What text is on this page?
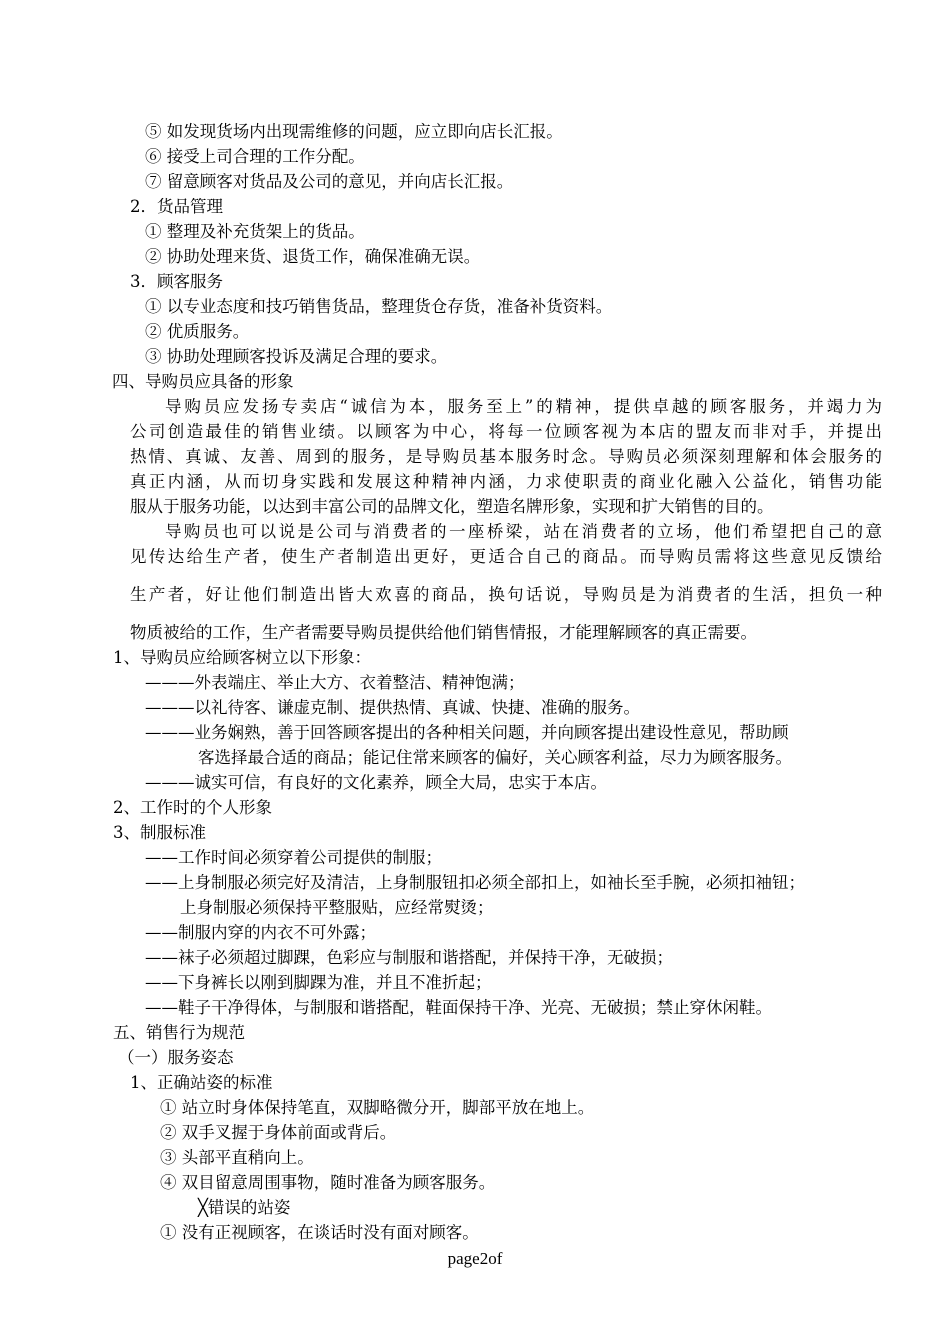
⑤ 如发现货场内出现需维修的问题，应立即向店长汇报。
⑥ 接受上司合理的工作分配。
⑦ 留意顾客对货品及公司的意见，并向店长汇报。
2．货品管理
① 整理及补充货架上的货品。
② 协助处理来货、退货工作，确保准确无误。
3．顾客服务
① 以专业态度和技巧销售货品，整理货仓存货，准备补货资料。
② 优质服务。
③ 协助处理顾客投诉及满足合理的要求。
四、导购员应具备的形象
导购员应发扬专卖店“诚信为本，服务至上”的精神，提供卓越的顾客服务，并竭力为
公司创造最佳的销售业绩。以顾客为中心，将每一位顾客视为本店的盟友而非对手，并提出
热情、真诚、友善、周到的服务，是导购员基本服务时念。导购员必须深刻理解和体会服务的
真正内涵，从而切身实践和发展这种精神内涵，力求使职责的商业化融入公益化，销售功能
服从于服务功能，以达到丰富公司的品牌文化，塑造名牌形象，实现和扩大销售的目的。
导购员也可以说是公司与消费者的一座桥梁，站在消费者的立场，他们希望把自己的意
见传达给生产者，使生产者制造出更好，更适合自己的商品。而导购员需将这些意见反馈给
生产者，好让他们制造出皆大欢喜的商品，换句话说，导购员是为消费者的生活，担负一种
物质被给的工作，生产者需要导购员提供给他们销售情报，才能理解顾客的真正需要。
1、导购员应给顾客树立以下形象：
———外表端庄、举止大方、衣着整洁、精神饱满；
———以礼待客、谦虚克制、提供热情、真诚、快捷、准确的服务。
———业务娴熟，善于回答顾客提出的各种相关问题，并向顾客提出建设性意见，帮助顾
客选择最合适的商品；能记住常来顾客的偏好，关心顾客利益，尽力为顾客服务。
———诚实可信，有良好的文化素养，顾全大局，忠实于本店。
2、工作时的个人形象
3、制服标准
——工作时间必须穿着公司提供的制服；
——上身制服必须完好及清洁，上身制服钮扣必须全部扣上，如袖长至手腕，必须扣袖钮；
上身制服必须保持平整服贴，应经常熨烫；
——制服内穿的内衣不可外露；
——袜子必须超过脚踝，色彩应与制服和谐搭配，并保持干净，无破损；
——下身裤长以刚到脚踝为准，并且不准折起；
——鞋子干净得体，与制服和谐搭配，鞋面保持干净、光亮、无破损；禁止穿休闲鞋。
五、销售行为规范
（一）服务姿态
1、正确站姿的标准
① 站立时身体保持笔直，双脚略微分开，脚部平放在地上。
② 双手叉握于身体前面或背后。
③ 头部平直稍向上。
④ 双目留意周围事物，随时准备为顾客服务。
╳错误的站姿
① 没有正视顾客，在谈话时没有面对顾客。
page2of
